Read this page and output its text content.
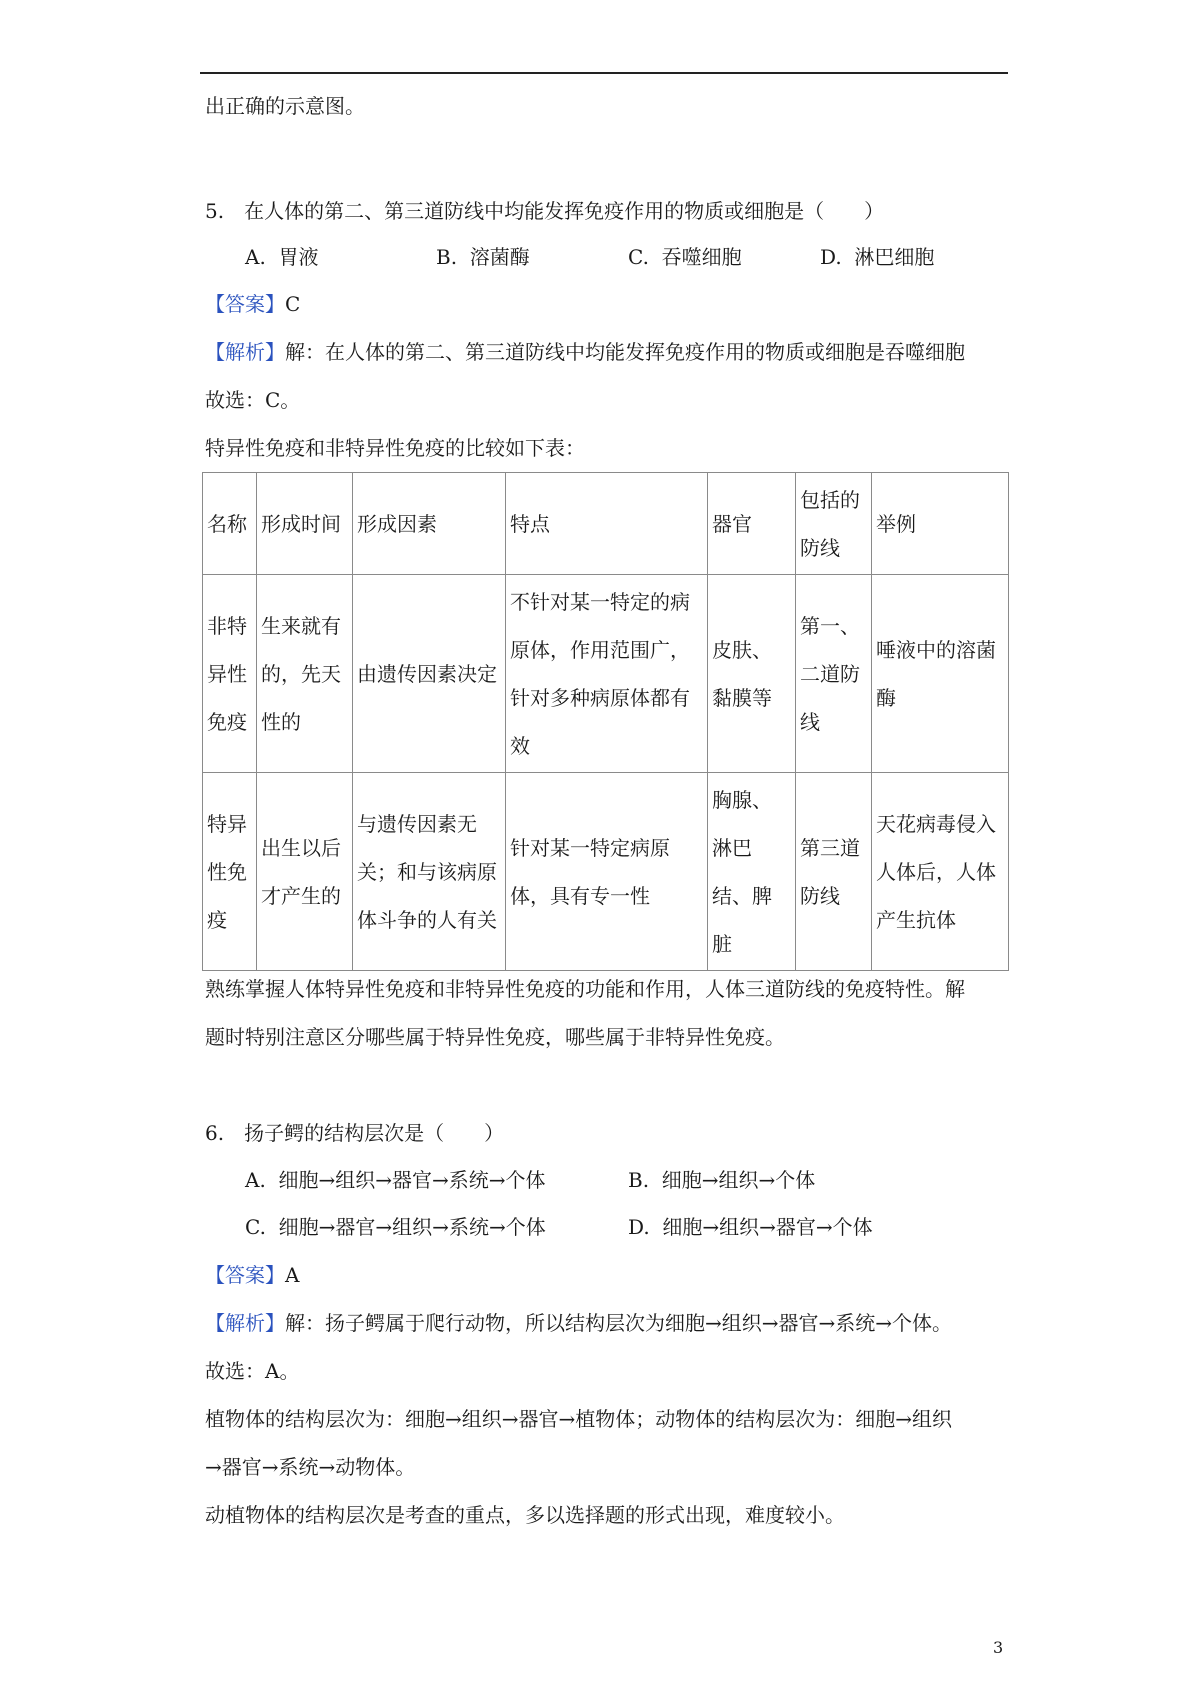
出正确的示意图。
5. 在人体的第二、第三道防线中均能发挥免疫作用的物质或细胞是（　　）
A. 胃液	B. 溶菌酶	C. 吞噬细胞	D. 淋巴细胞
【答案】C
【解析】解：在人体的第二、第三道防线中均能发挥免疫作用的物质或细胞是吞噬细胞
故选：C。
特异性免疫和非特异性免疫的比较如下表：
名称	形成时间	形成因素	特点	器官	包括的防线	举例
非特异性免疫	生来就有的，先天性的	由遗传因素决定	不针对某一特定的病原体，作用范围广，针对多种病原体都有效	皮肤、黏膜等	第一、二道防线	唾液中的溶菌酶
特异性免疫	出生以后才产生的	与遗传因素无关；和与该病原体斗争的人有关	针对某一特定病原体，具有专一性	胸腺、淋巴结、脾脏	第三道防线	天花病毒侵入人体后，人体产生抗体
熟练掌握人体特异性免疫和非特异性免疫的功能和作用，人体三道防线的免疫特性。解
题时特别注意区分哪些属于特异性免疫，哪些属于非特异性免疫。
6. 扬子鳄的结构层次是（　　）
A. 细胞→组织→器官→系统→个体	B. 细胞→组织→个体
C. 细胞→器官→组织→系统→个体	D. 细胞→组织→器官→个体
【答案】A
【解析】解：扬子鳄属于爬行动物，所以结构层次为细胞→组织→器官→系统→个体。
故选：A。
植物体的结构层次为：细胞→组织→器官→植物体；动物体的结构层次为：细胞→组织
→器官→系统→动物体。
动植物体的结构层次是考查的重点，多以选择题的形式出现，难度较小。
3
